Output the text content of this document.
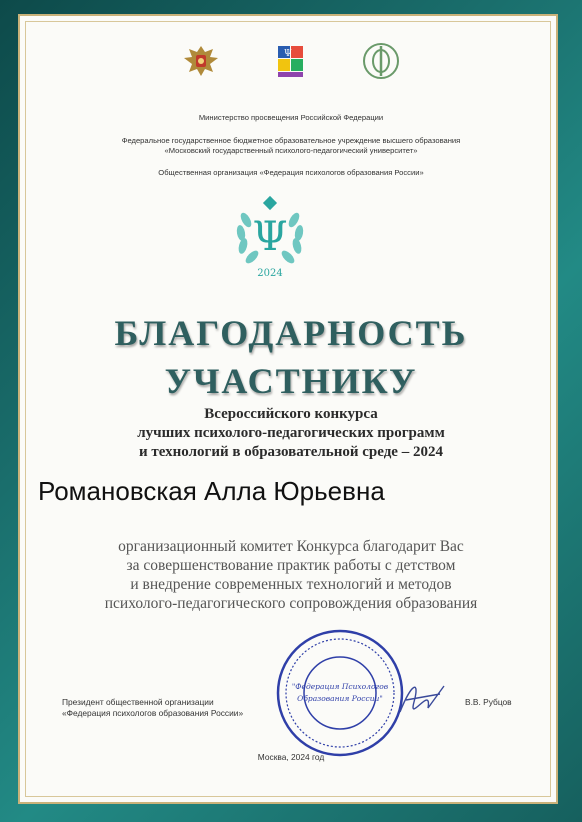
Ψ
Министерство просвещения Российской Федерации
Федеральное государственное бюджетное образовательное учреждение высшего образования
«Московский государственный психолого-педагогический университет»
Общественная организация «Федерация психологов образования России»
Ψ
2024
БЛАГОДАРНОСТЬ
УЧАСТНИКУ
Всероссийского конкурса
лучших психолого-педагогических программ
и технологий в образовательной среде – 2024
Романовская Алла Юрьевна
организационный комитет Конкурса благодарит Вас
за совершенствование практик работы с детством
и внедрение современных технологий и методов
психолого-педагогического сопровождения образования
"Федерация Психологов
Образования России"
Президент общественной организации
«Федерация психологов образования России»
В.В. Рубцов
Москва, 2024 год
